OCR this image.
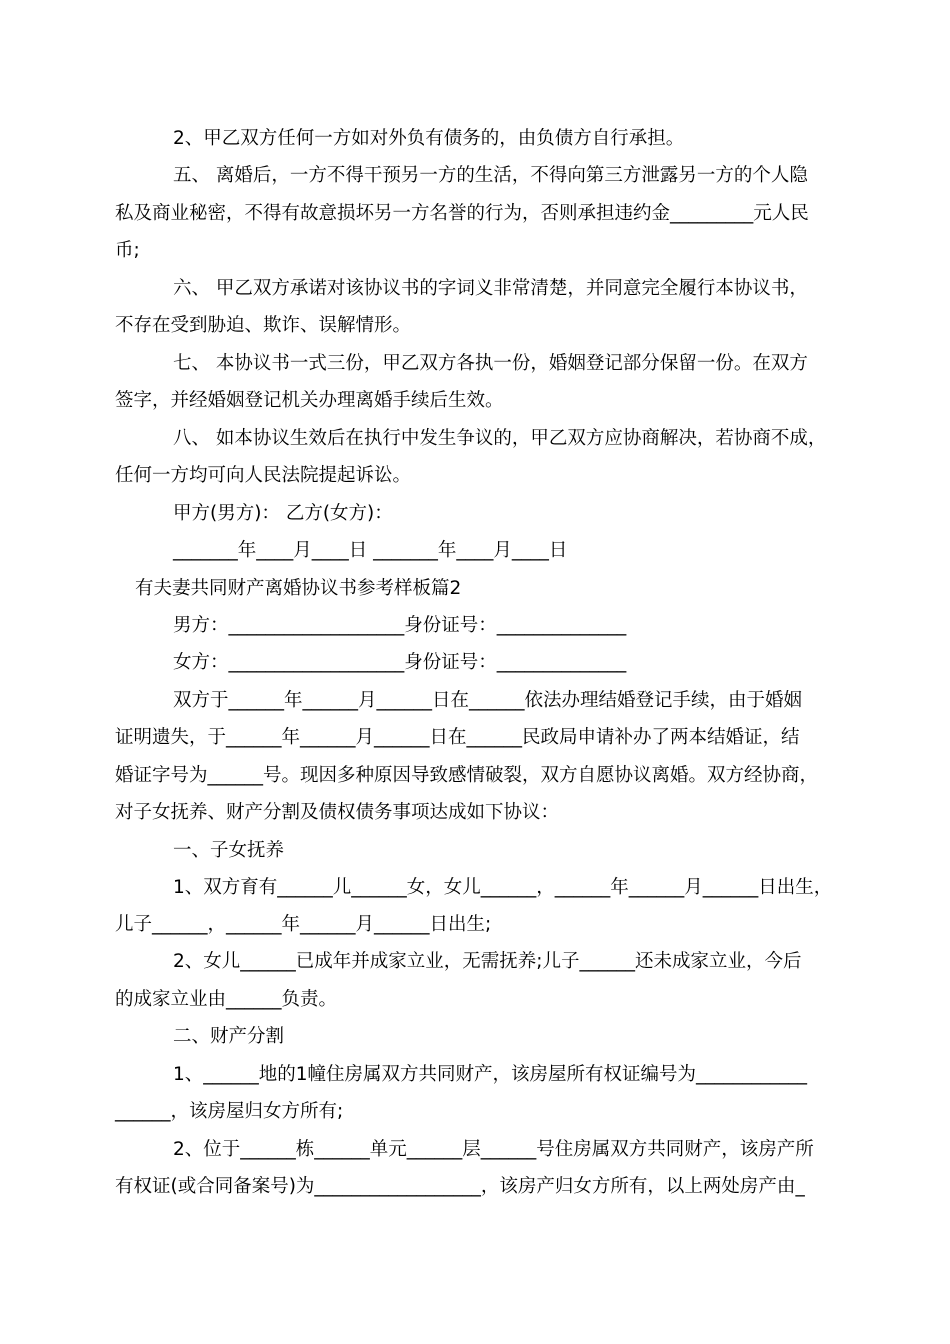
2、甲乙双方任何一方如对外负有债务的，由负债方自行承担。
五、 离婚后，一方不得干预另一方的生活，不得向第三方泄露另一方的个人隐
私及商业秘密，不得有故意损坏另一方名誉的行为，否则承担违约金_________元人民
币;
六、 甲乙双方承诺对该协议书的字词义非常清楚，并同意完全履行本协议书，
不存在受到胁迫、欺诈、误解情形。
七、 本协议书一式三份，甲乙双方各执一份，婚姻登记部分保留一份。在双方
签字，并经婚姻登记机关办理离婚手续后生效。
八、 如本协议生效后在执行中发生争议的，甲乙双方应协商解决，若协商不成，
任何一方均可向人民法院提起诉讼。
甲方(男方)： 乙方(女方)：
_______年____月____日 _______年____月____日
有夫妻共同财产离婚协议书参考样板篇2
男方：___________________身份证号：______________
女方：___________________身份证号：______________
双方于______年______月______日在______依法办理结婚登记手续，由于婚姻
证明遗失，于______年______月______日在______民政局申请补办了两本结婚证，结
婚证字号为______号。现因多种原因导致感情破裂，双方自愿协议离婚。双方经协商，
对子女抚养、财产分割及债权债务事项达成如下协议：
一、子女抚养
1、双方育有______儿______女，女儿______，______年______月______日出生，
儿子______，______年______月______日出生;
2、女儿______已成年并成家立业，无需抚养;儿子______还未成家立业，今后
的成家立业由______负责。
二、财产分割
1、______地的1幢住房属双方共同财产，该房屋所有权证编号为____________
______，该房屋归女方所有;
2、位于______栋______单元______层______号住房属双方共同财产，该房产所
有权证(或合同备案号)为__________________，该房产归女方所有，以上两处房产由_
